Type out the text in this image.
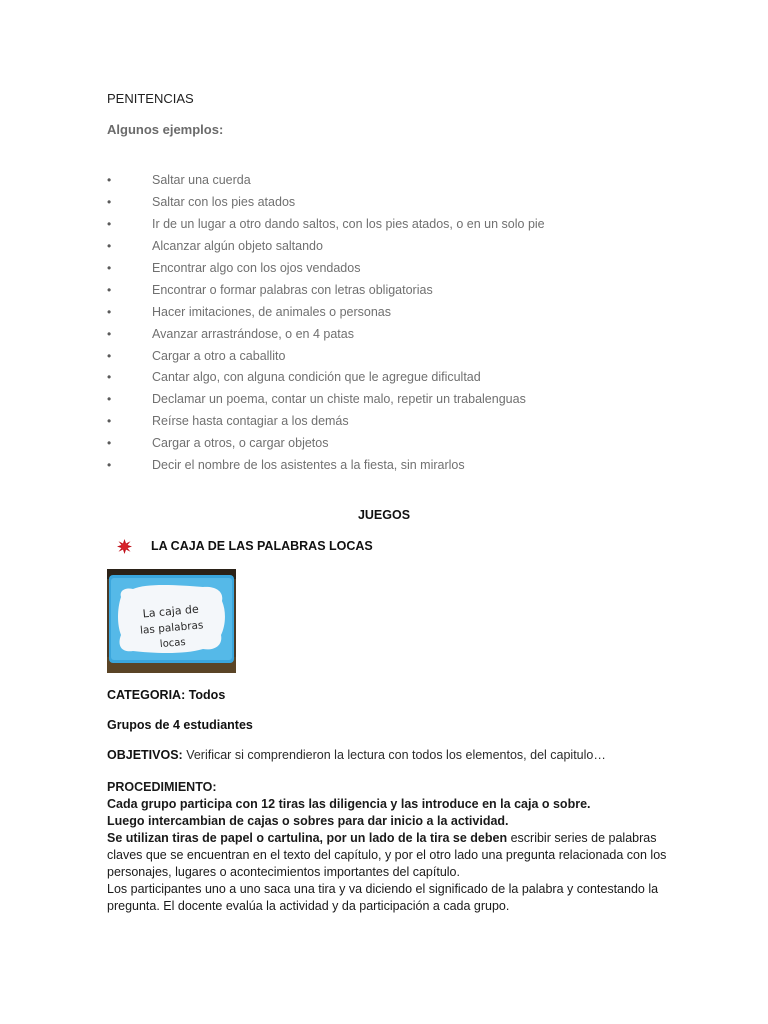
PENITENCIAS
Algunos ejemplos:
•	Saltar una cuerda
•	Saltar con los pies atados
•	Ir de un lugar a otro dando saltos, con los pies atados, o en un solo pie
•	Alcanzar algún objeto saltando
•	Encontrar algo con los ojos vendados
•	Encontrar o formar palabras con letras obligatorias
•	Hacer imitaciones, de animales o personas
•	Avanzar arrastrándose, o en 4 patas
•	Cargar a otro a caballito
•	Cantar algo, con alguna condición que le agregue dificultad
•	Declamar un poema, contar un chiste malo, repetir un trabalenguas
•	Reírse hasta contagiar a los demás
•	Cargar a otros, o cargar objetos
•	Decir el nombre de los asistentes a la fiesta, sin mirarlos
JUEGOS
LA CAJA DE LAS PALABRAS LOCAS
La caja de
las palabras
locas

CATEGORIA: Todos

Grupos de 4 estudiantes

OBJETIVOS: Verificar si comprendieron la lectura con todos los elementos, del capitulo…

PROCEDIMIENTO:
Cada grupo participa con 12 tiras las diligencia y las introduce en la caja o sobre.
Luego intercambian de cajas o sobres para dar inicio a la actividad.
Se utilizan tiras de papel o cartulina, por un lado de la tira se deben escribir series de palabras
claves que se encuentran en el texto del capítulo, y por el otro lado una pregunta relacionada con los
personajes, lugares o acontecimientos importantes del capítulo.
Los participantes uno a uno saca una tira y va diciendo el significado de la palabra y contestando la
pregunta. El docente evalúa la actividad y da participación a cada grupo.
